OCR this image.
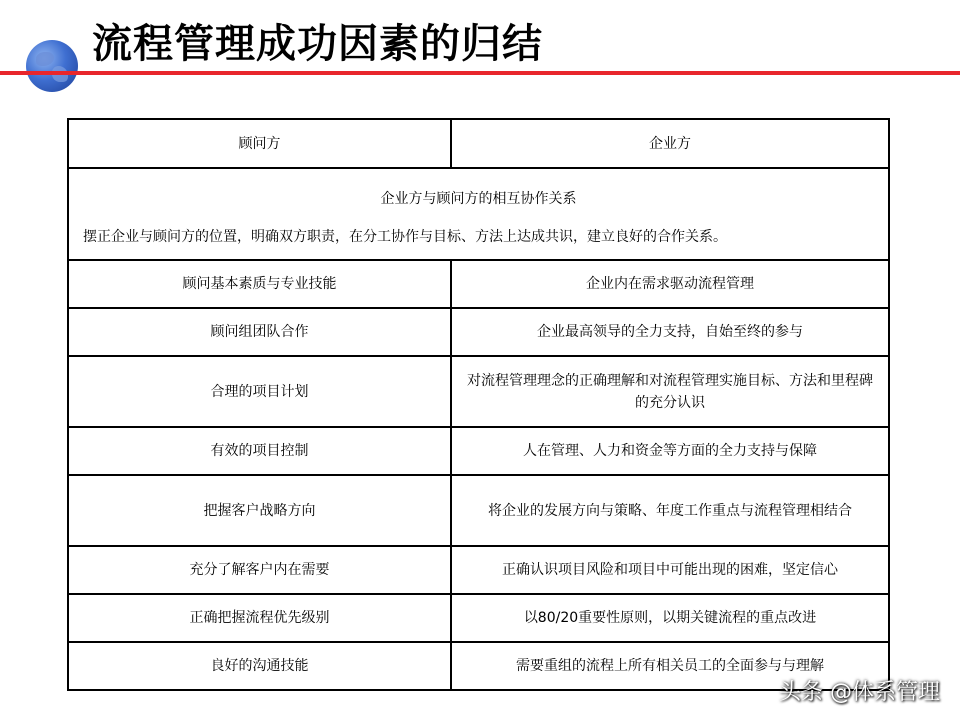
流程管理成功因素的归结
顾问方	企业方

企业方与顾问方的相互协作关系
摆正企业与顾问方的位置，明确双方职责，在分工协作与目标、方法上达成共识，建立良好的合作关系。	

顾问基本素质与专业技能	企业内在需求驱动流程管理
顾问组团队合作	企业最高领导的全力支持，自始至终的参与
合理的项目计划	对流程管理理念的正确理解和对流程管理实施目标、方法和里程碑的充分认识
有效的项目控制	人在管理、人力和资金等方面的全力支持与保障
把握客户战略方向	将企业的发展方向与策略、年度工作重点与流程管理相结合
充分了解客户内在需要	正确认识项目风险和项目中可能出现的困难，坚定信心
正确把握流程优先级别	以80/20重要性原则，以期关键流程的重点改进
良好的沟通技能	需要重组的流程上所有相关员工的全面参与与理解
头条 @体系管理
